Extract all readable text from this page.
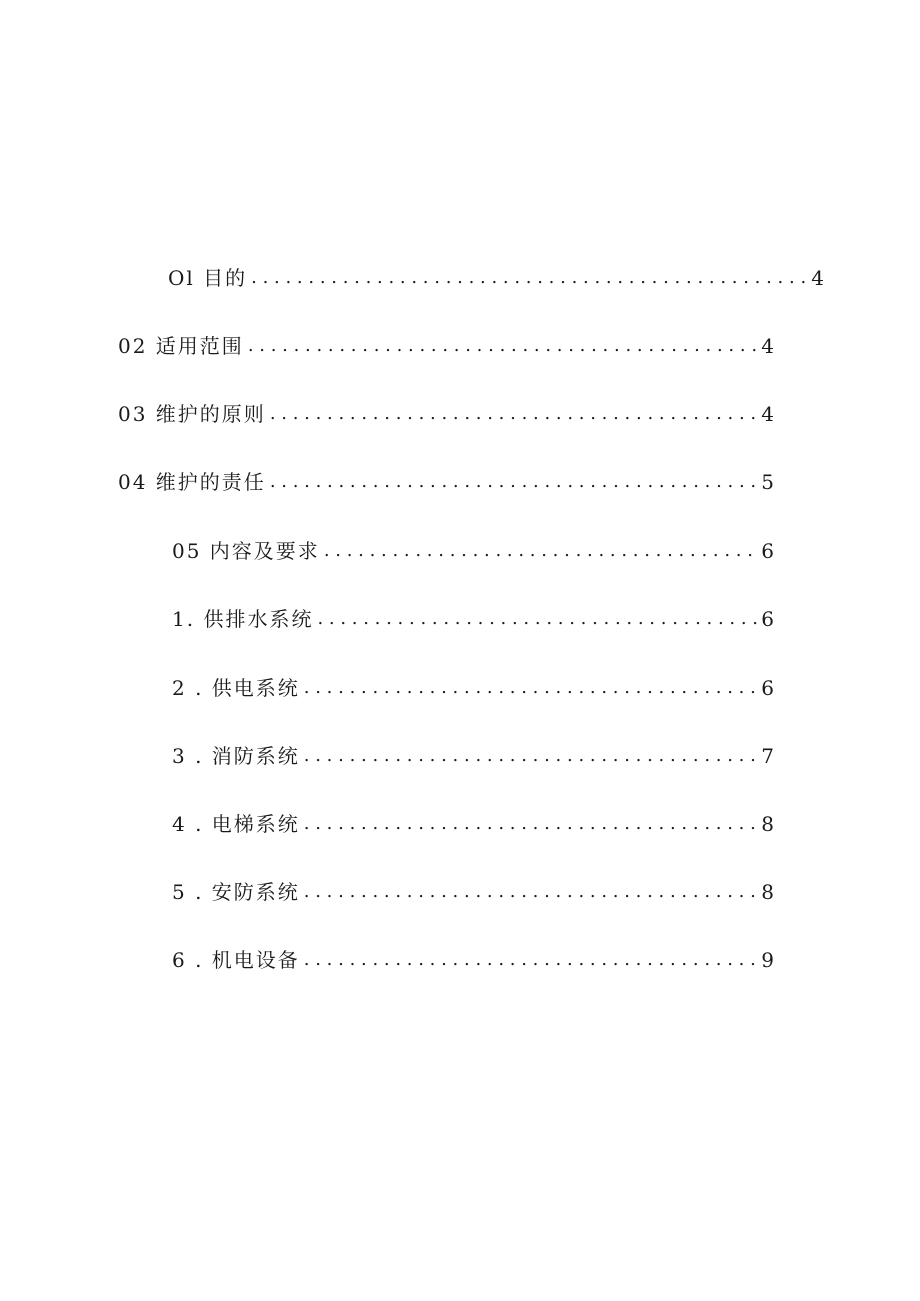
Ol 目的 . . .	4
02 适用范围 . . .	4
03 维护的原则 . . .	4
04 维护的责任 . . .	5
05 内容及要求 . . .	6
1. 供排水系统 . . .	6
2 . 供电系统 . . .	6
3 . 消防系统 . . .	7
4 . 电梯系统 . . .	8
5 . 安防系统 . . .	8
6 . 机电设备 . . .	9
